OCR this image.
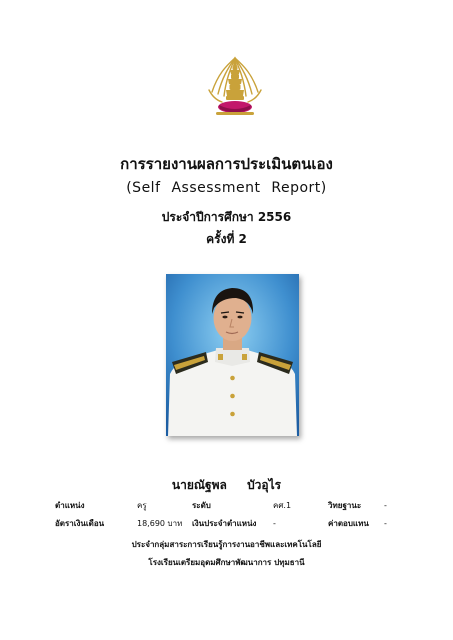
การรายงานผลการประเมินตนเอง
(Self Assessment Report)
ประจำปีการศึกษา 2556
ครั้งที่ 2
นายณัฐพล บัวอุไร
ตำแหน่ง	ครู	ระดับ	คศ.1	วิทยฐานะ	-
อัตราเงินเดือน	18,690 บาท เงินประจำตำแหน่ง -	ค่าตอบแทน -
ประจำกลุ่มสาระการเรียนรู้การงานอาชีพและเทคโนโลยี
โรงเรียนเตรียมอุดมศึกษาพัฒนาการ ปทุมธานี
